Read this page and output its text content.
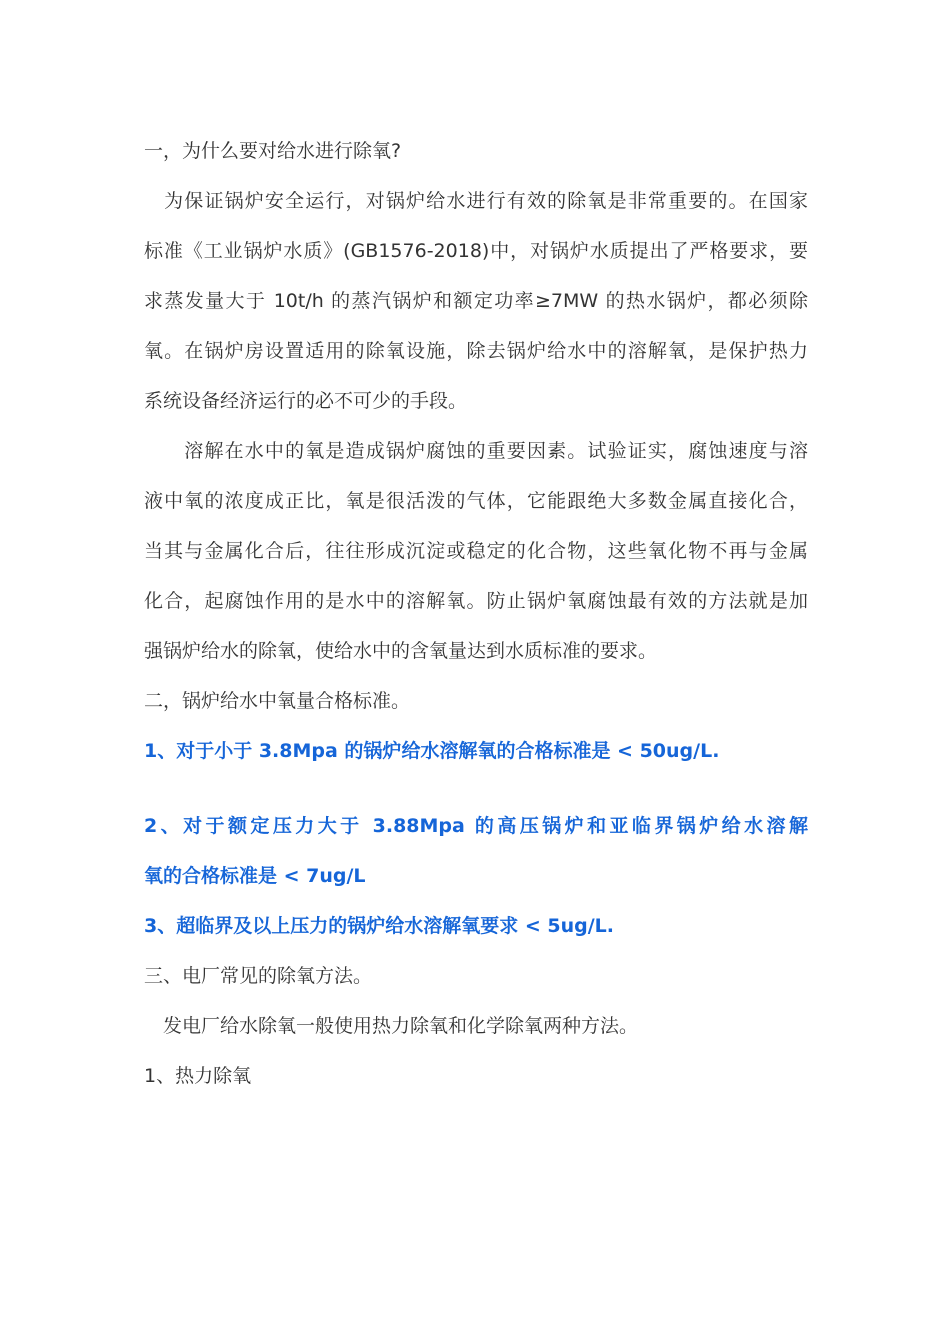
一，为什么要对给水进行除氧?
　为保证锅炉安全运行，对锅炉给水进行有效的除氧是非常重要的。在国家
标准《工业锅炉水质》(GB1576-2018)中，对锅炉水质提出了严格要求，要
求蒸发量大于 10t/h 的蒸汽锅炉和额定功率≥7MW 的热水锅炉，都必须除
氧。在锅炉房设置适用的除氧设施，除去锅炉给水中的溶解氧，是保护热力
系统设备经济运行的必不可少的手段。
　　溶解在水中的氧是造成锅炉腐蚀的重要因素。试验证实，腐蚀速度与溶
液中氧的浓度成正比，氧是很活泼的气体，它能跟绝大多数金属直接化合，
当其与金属化合后，往往形成沉淀或稳定的化合物，这些氧化物不再与金属
化合，起腐蚀作用的是水中的溶解氧。防止锅炉氧腐蚀最有效的方法就是加
强锅炉给水的除氧，使给水中的含氧量达到水质标准的要求。
二，锅炉给水中氧量合格标准。
1、对于小于 3.8Mpa 的锅炉给水溶解氧的合格标准是 < 50ug/L.
2、对于额定压力大于 3.88Mpa 的高压锅炉和亚临界锅炉给水溶解
氧的合格标准是 < 7ug/L
3、超临界及以上压力的锅炉给水溶解氧要求 < 5ug/L.
三、电厂常见的除氧方法。
　发电厂给水除氧一般使用热力除氧和化学除氧两种方法。
1、热力除氧
